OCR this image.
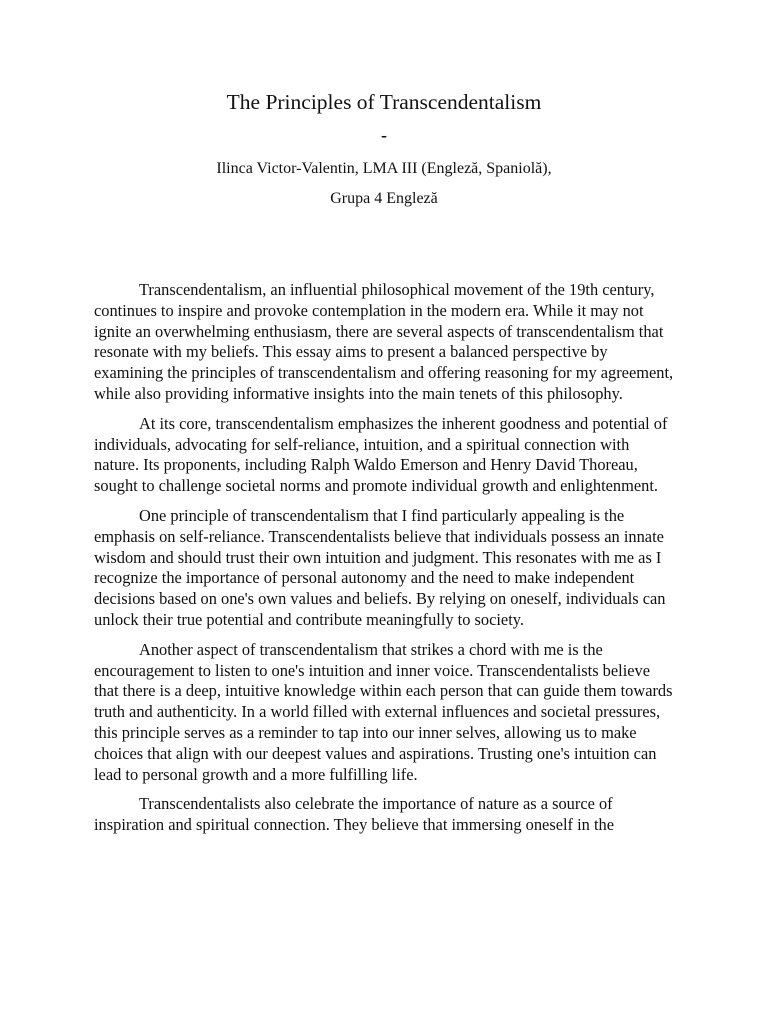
The Principles of Transcendentalism
-
Ilinca Victor-Valentin, LMA III (Engleză, Spaniolă),
Grupa 4 Engleză

Transcendentalism, an influential philosophical movement of the 19th century, continues to inspire and provoke contemplation in the modern era. While it may not ignite an overwhelming enthusiasm, there are several aspects of transcendentalism that resonate with my beliefs. This essay aims to present a balanced perspective by examining the principles of transcendentalism and offering reasoning for my agreement, while also providing informative insights into the main tenets of this philosophy.

At its core, transcendentalism emphasizes the inherent goodness and potential of individuals, advocating for self-reliance, intuition, and a spiritual connection with nature. Its proponents, including Ralph Waldo Emerson and Henry David Thoreau, sought to challenge societal norms and promote individual growth and enlightenment.

One principle of transcendentalism that I find particularly appealing is the emphasis on self-reliance. Transcendentalists believe that individuals possess an innate wisdom and should trust their own intuition and judgment. This resonates with me as I recognize the importance of personal autonomy and the need to make independent decisions based on one's own values and beliefs. By relying on oneself, individuals can unlock their true potential and contribute meaningfully to society.

Another aspect of transcendentalism that strikes a chord with me is the encouragement to listen to one's intuition and inner voice. Transcendentalists believe that there is a deep, intuitive knowledge within each person that can guide them towards truth and authenticity. In a world filled with external influences and societal pressures, this principle serves as a reminder to tap into our inner selves, allowing us to make choices that align with our deepest values and aspirations. Trusting one's intuition can lead to personal growth and a more fulfilling life.

Transcendentalists also celebrate the importance of nature as a source of inspiration and spiritual connection. They believe that immersing oneself in the
